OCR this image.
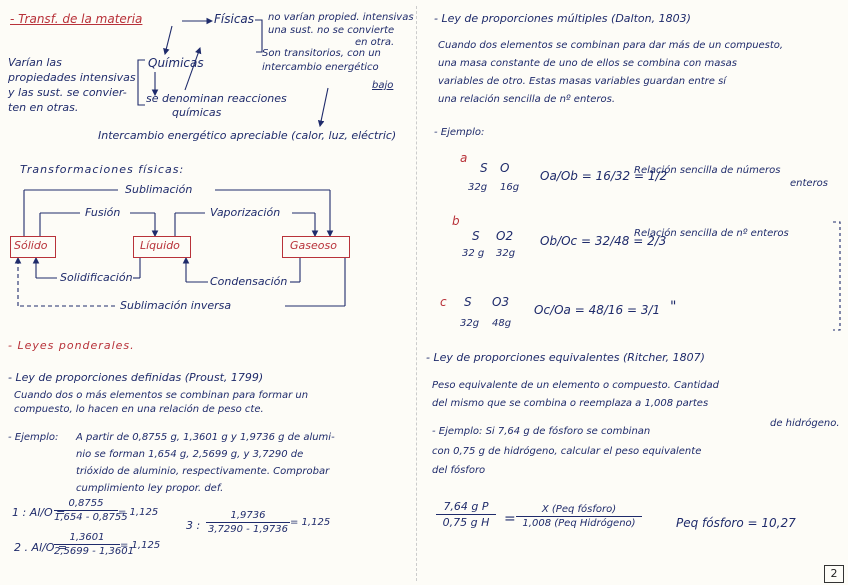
- Transf. de la materia	Físicas no varían propied. intensivas
una sust. no se convierte
en otra.
Son transitorios, con un
intercambio energético
bajo
Químicas
Varían las
propiedades intensivas
y las sust. se convier-
ten en otras.
se denominan reacciones
químicas
Intercambio energético apreciable (calor, luz, eléctric)
Transformaciones físicas:
Sublimación
Fusión	Vaporización
Sólido	Líquido	Gaseoso
Solidificación	Condensación
Sublimación inversa
- Leyes ponderales.
- Ley de proporciones definidas (Proust, 1799)
Cuando dos o más elementos se combinan para formar un
compuesto, lo hacen en una relación de peso cte.
- Ejemplo: A partir de 0,8755 g, 1,3601 g y 1,9736 g de alumi-
nio se forman 1,654 g, 2,5699 g, y 3,7290 de
trióxido de aluminio, respectivamente. Comprobar
cumplimiento ley propor. def.
1 : Al/O =
0,8755
1,654 - 0,8755
= 1,125
2 . Al/O =
1,3601
2,5699 - 1,3601
= 1,125
3 :
1,9736
3,7290 - 1,9736
= 1,125
- Ley de proporciones múltiples (Dalton, 1803)
Cuando dos elementos se combinan para dar más de un compuesto,
una masa constante de uno de ellos se combina con masas
variables de otro. Estas masas variables guardan entre sí
una relación sencilla de nº enteros.
- Ejemplo:
a
S O
32g 16g
Oa/Ob = 16/32 = 1/2
Relación sencilla de números
enteros
b
S O2
32 g 32g
Ob/Oc = 32/48 = 2/3
Relación sencilla de nº enteros
c S O3
32g 48g
Oc/Oa = 48/16 = 3/1 "
- Ley de proporciones equivalentes (Ritcher, 1807)
Peso equivalente de un elemento o compuesto. Cantidad
del mismo que se combina o reemplaza a 1,008 partes
de hidrógeno.
- Ejemplo: Si 7,64 g de fósforo se combinan
con 0,75 g de hidrógeno, calcular el peso equivalente
del fósforo
7,64 g P
0,75 g H	=
X (Peq fósforo)
1,008 (Peq Hidrógeno)	Peq fósforo = 10,27
2
